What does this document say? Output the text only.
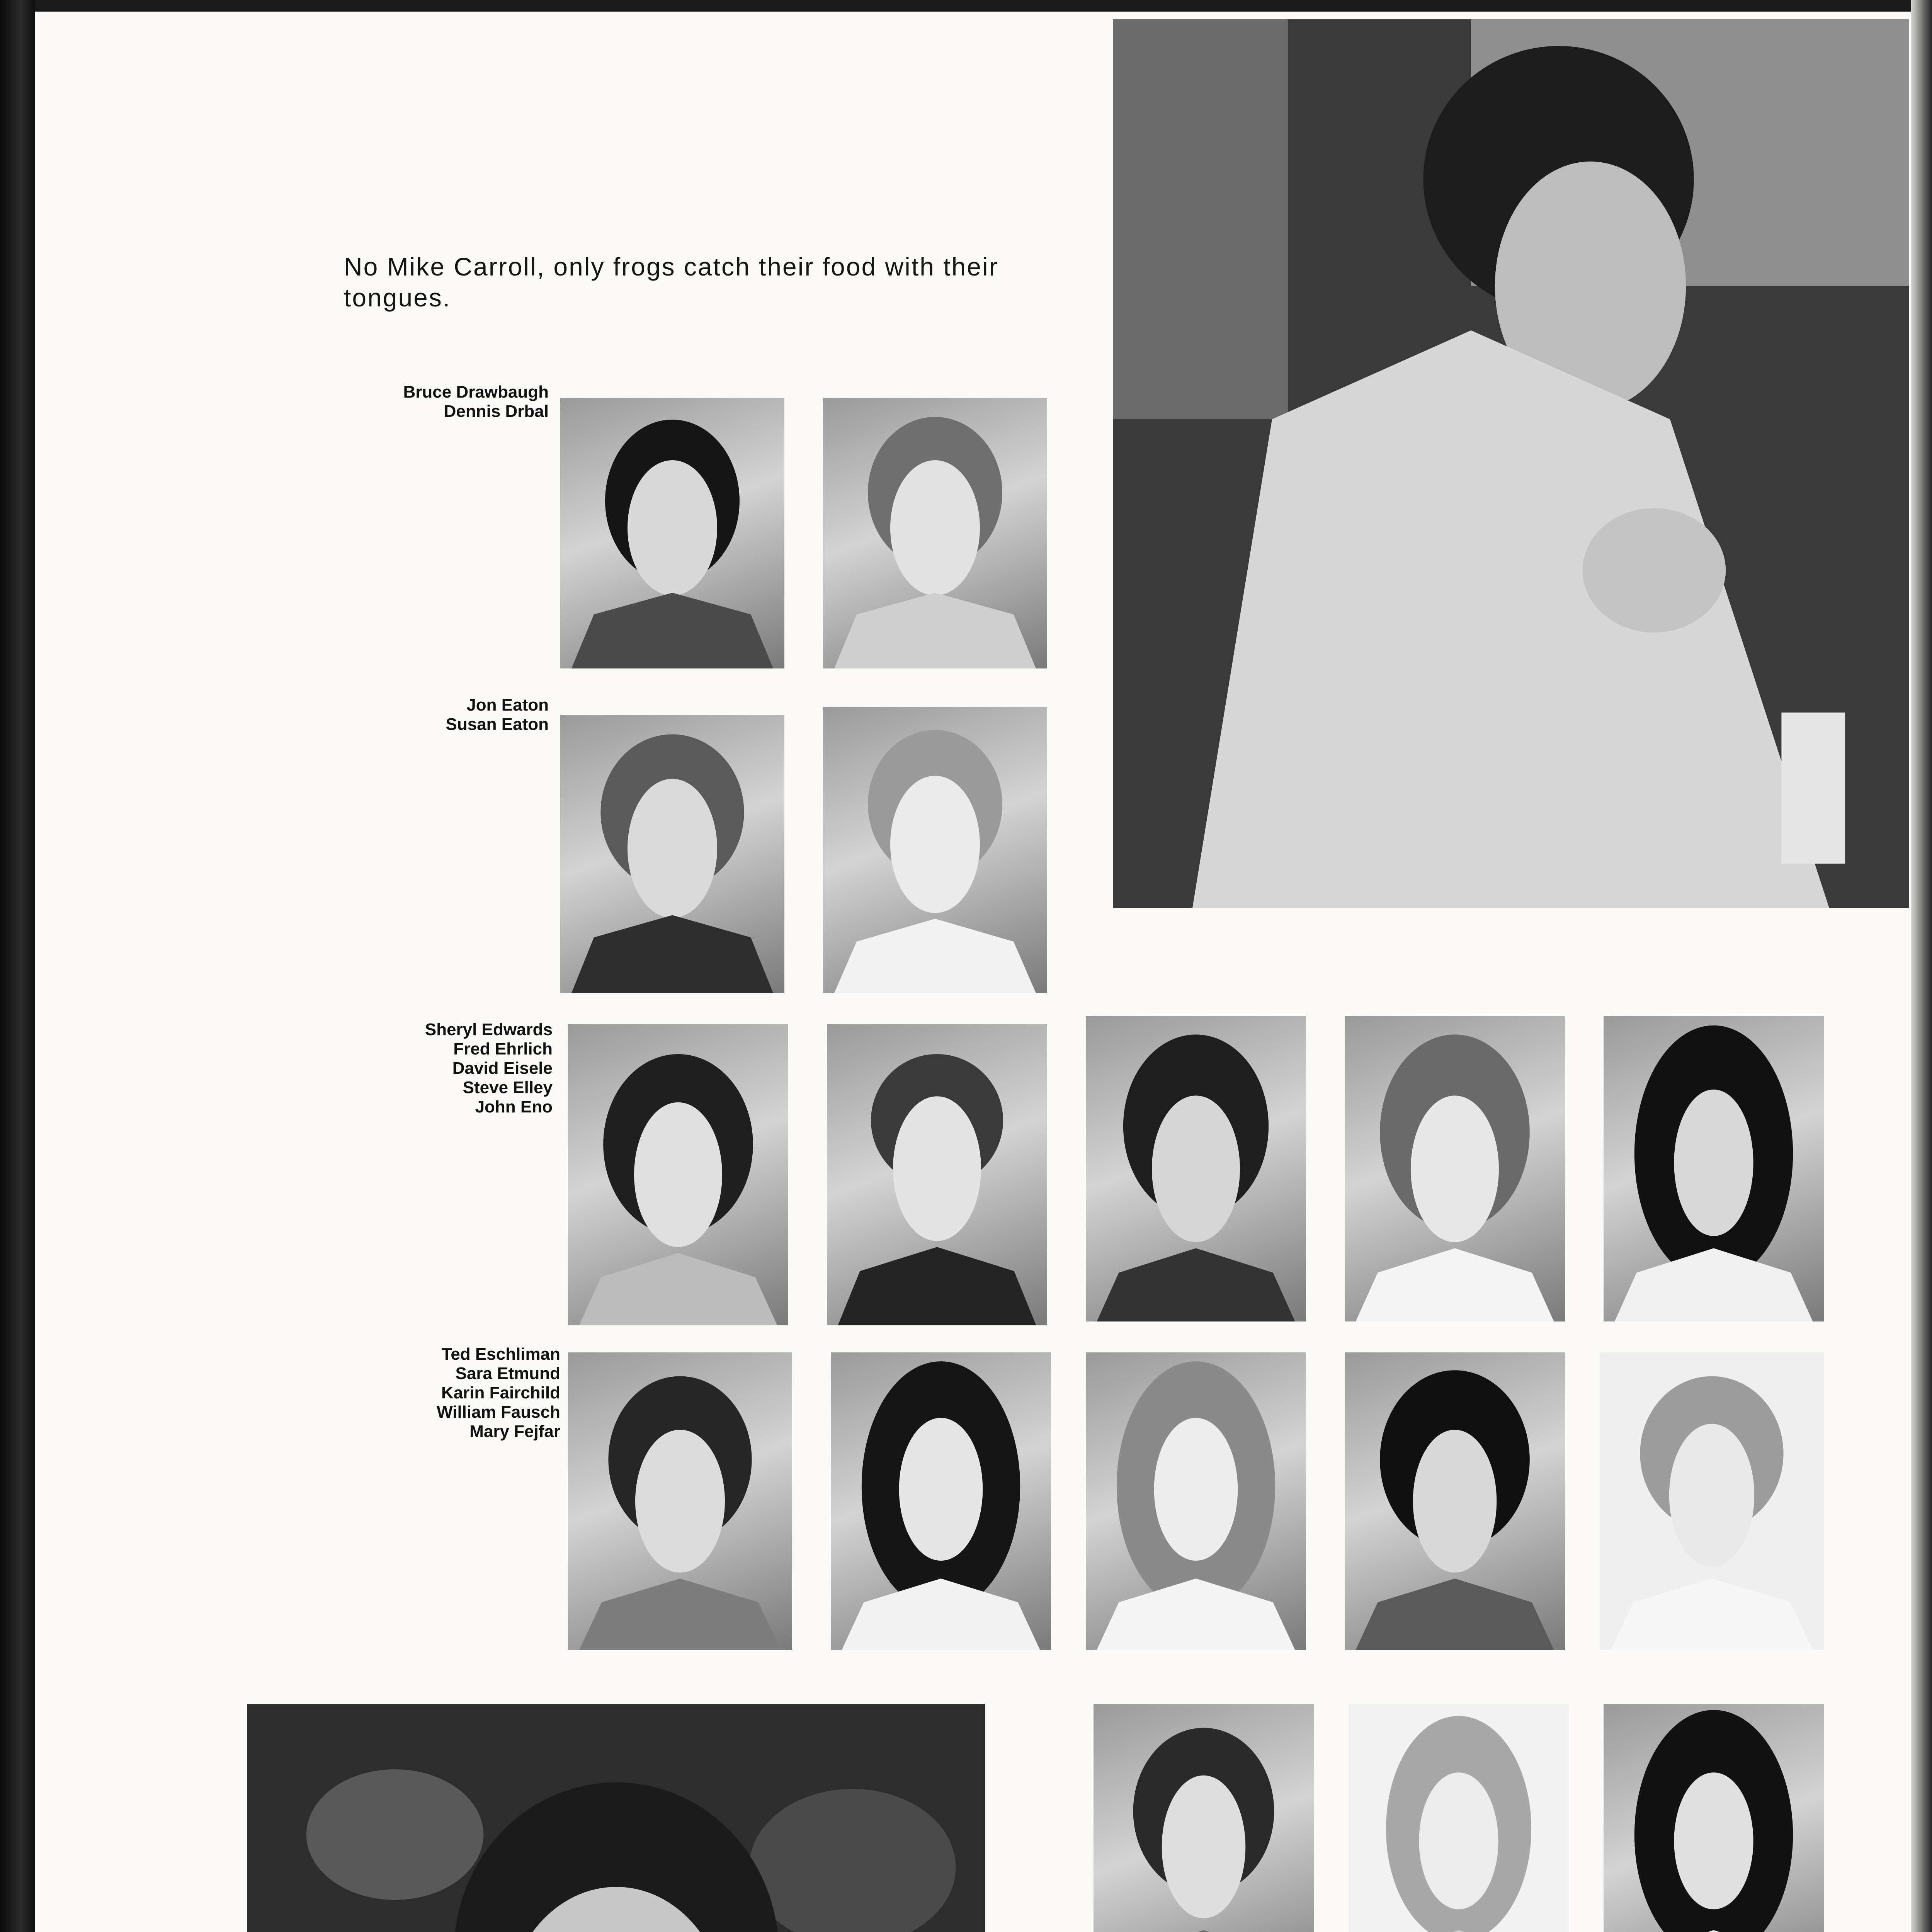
No Mike Carroll, only frogs catch their food with their tongues.
Bruce Drawbaugh
Dennis Drbal
Jon Eaton
Susan Eaton
Sheryl Edwards
Fred Ehrlich
David Eisele
Steve Elley
John Eno
Ted Eschliman
Sara Etmund
Karin Fairchild
William Fausch
Mary Fejfar
